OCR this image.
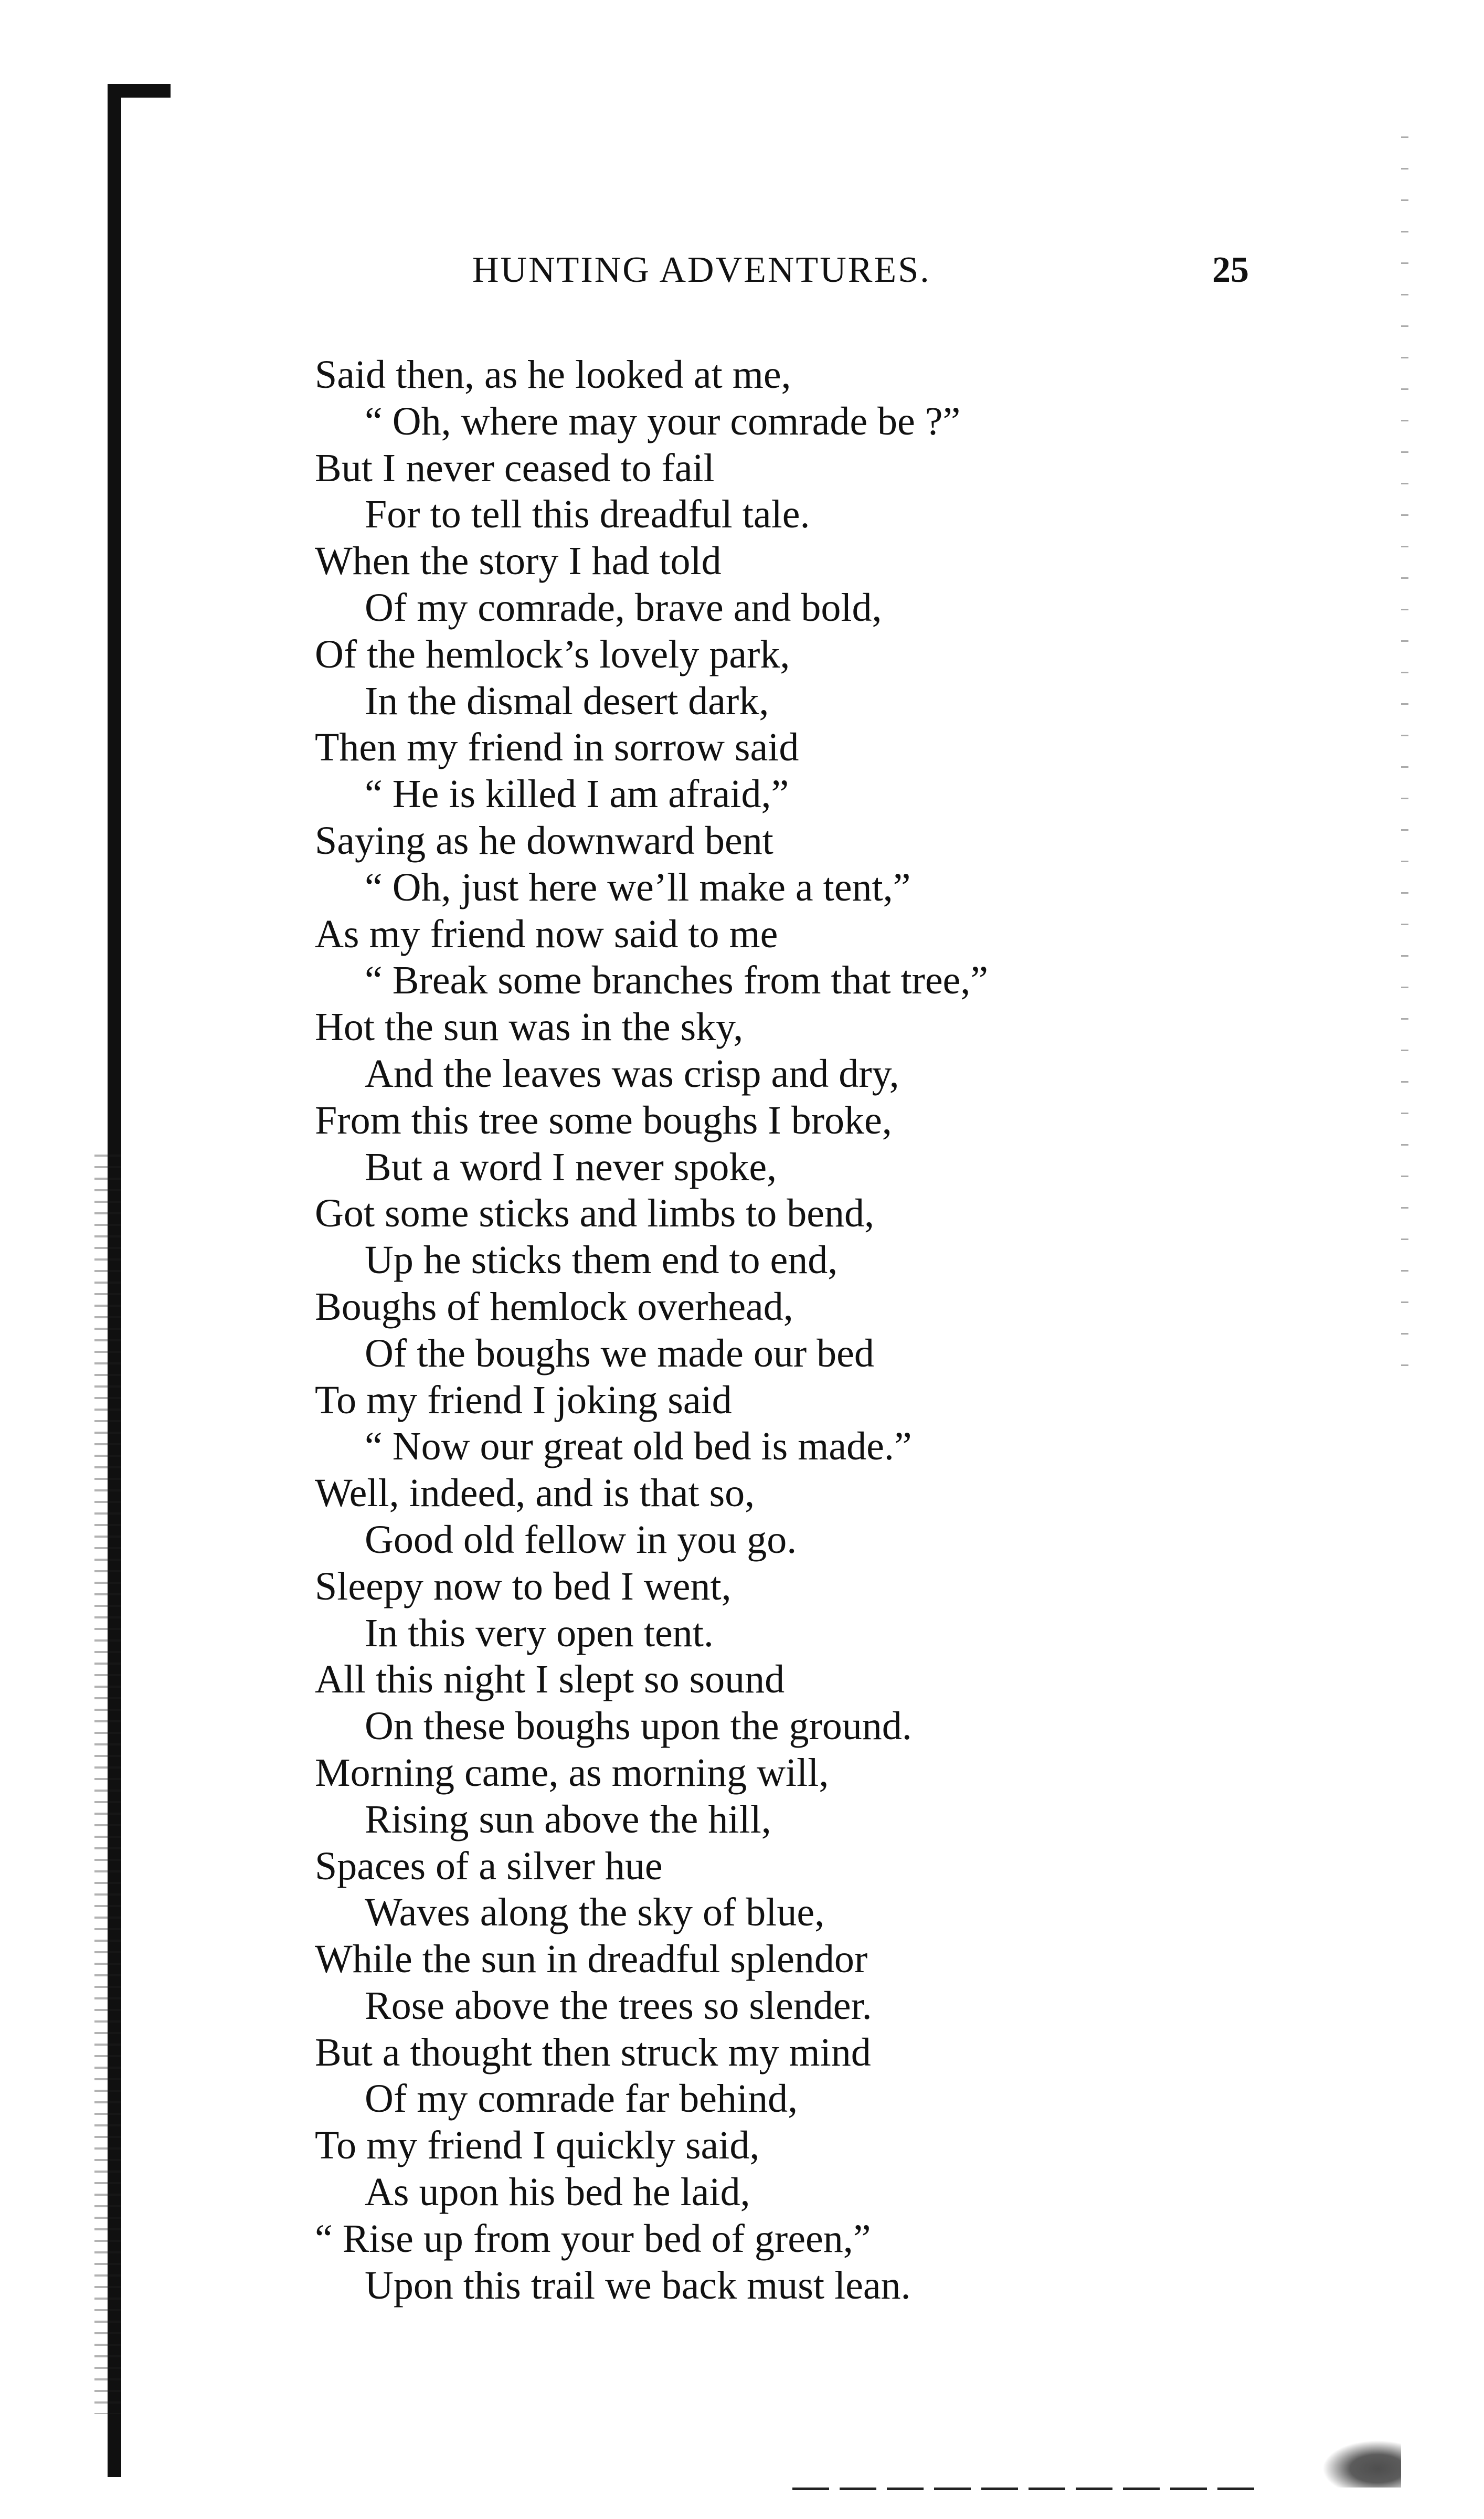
HUNTING ADVENTURES.	25
Said then, as he looked at me,
“ Oh, where may your comrade be ?”
But I never ceased to fail
For to tell this dreadful tale.
When the story I had told
Of my comrade, brave and bold,
Of the hemlock’s lovely park,
In the dismal desert dark,
Then my friend in sorrow said
“ He is killed I am afraid,”
Saying as he downward bent
“ Oh, just here we’ll make a tent,”
As my friend now said to me
“ Break some branches from that tree,”
Hot the sun was in the sky,
And the leaves was crisp and dry,
From this tree some boughs I broke,
But a word I never spoke,
Got some sticks and limbs to bend,
Up he sticks them end to end,
Boughs of hemlock overhead,
Of the boughs we made our bed
To my friend I joking said
“ Now our great old bed is made.”
Well, indeed, and is that so,
Good old fellow in you go.
Sleepy now to bed I went,
In this very open tent.
All this night I slept so sound
On these boughs upon the ground.
Morning came, as morning will,
Rising sun above the hill,
Spaces of a silver hue
Waves along the sky of blue,
While the sun in dreadful splendor
Rose above the trees so slender.
But a thought then struck my mind
Of my comrade far behind,
To my friend I quickly said,
As upon his bed he laid,
“ Rise up from your bed of green,”
Upon this trail we back must lean.
